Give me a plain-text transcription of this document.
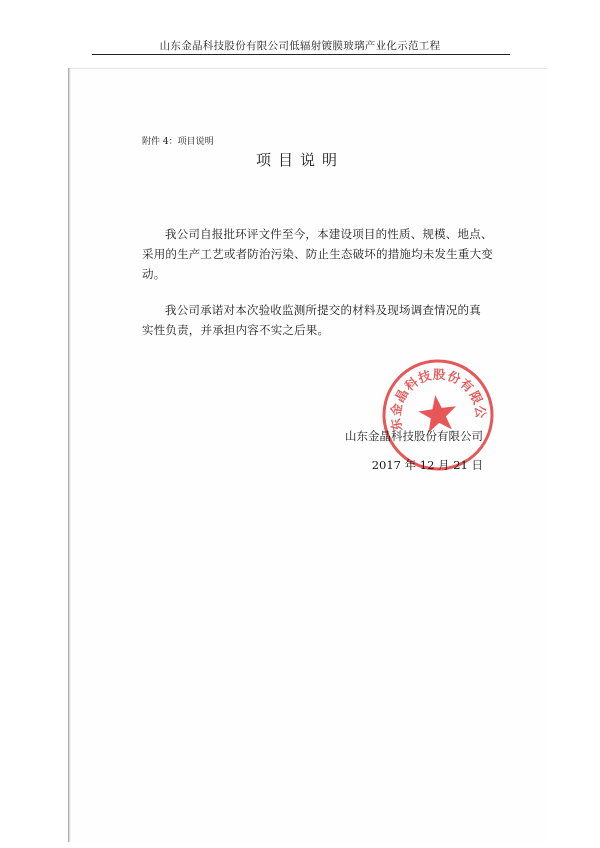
山东金晶科技股份有限公司低辐射镀膜玻璃产业化示范工程
附件 4：项目说明
项目说明
我公司自报批环评文件至今，本建设项目的性质、规模、地点、
采用的生产工艺或者防治污染、防止生态破坏的措施均未发生重大变
动。
我公司承诺对本次验收监测所提交的材料及现场调查情况的真
实性负责，并承担内容不实之后果。
山东金晶科技股份有限公司
山东金晶科技股份有限公司
2017 年 12 月 21 日
